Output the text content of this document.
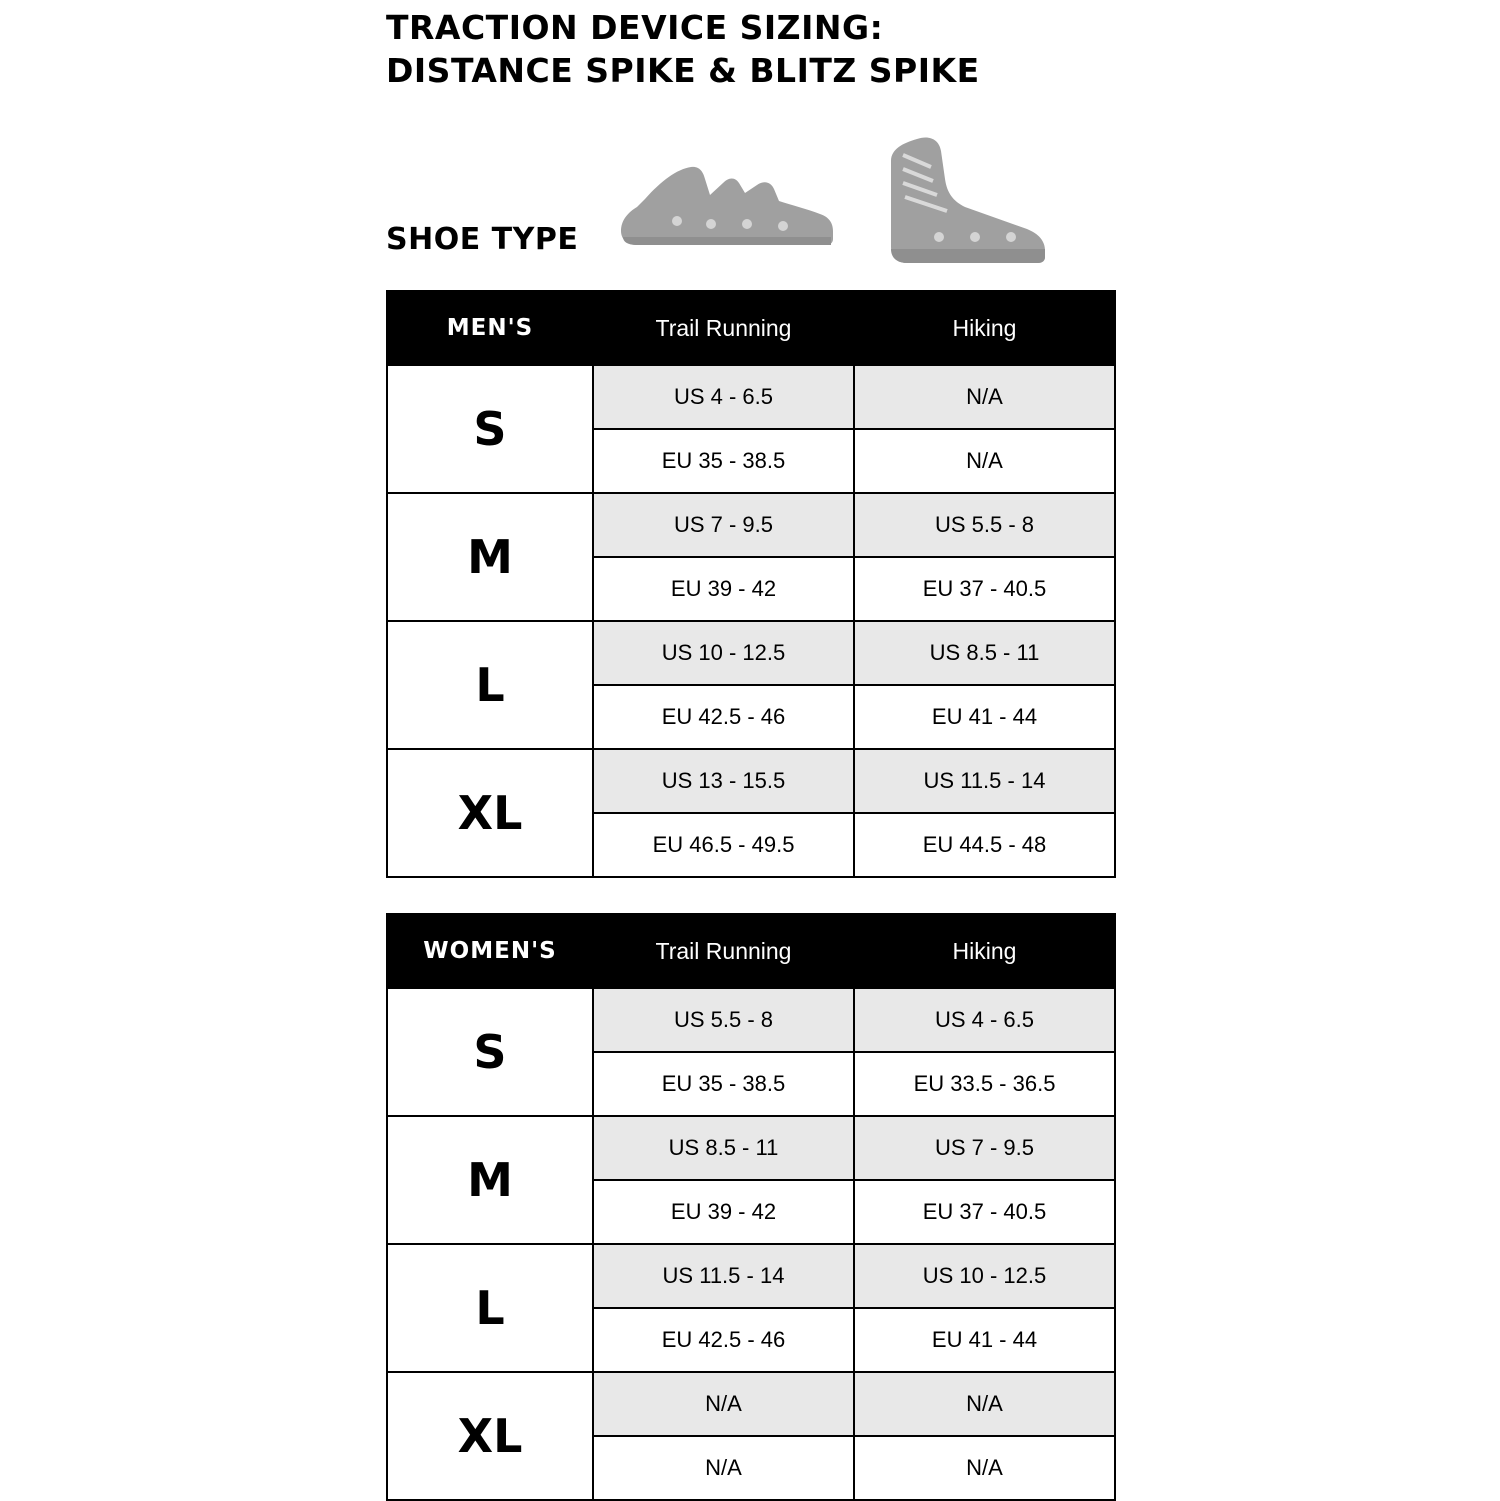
TRACTION DEVICE SIZING:
DISTANCE SPIKE & BLITZ SPIKE
SHOE TYPE
MEN'S	Trail Running	Hiking
S	US 4 - 6.5	N/A
	EU 35 - 38.5	N/A
M	US 7 - 9.5	US 5.5 - 8
	EU 39 - 42	EU 37 - 40.5
L	US 10 - 12.5	US 8.5 - 11
	EU 42.5 - 46	EU 41 - 44
XL	US 13 - 15.5	US 11.5 - 14
	EU 46.5 - 49.5	EU 44.5 - 48
WOMEN'S	Trail Running	Hiking
S	US 5.5 - 8	US 4 - 6.5
	EU 35 - 38.5	EU 33.5 - 36.5
M	US 8.5 - 11	US 7 - 9.5
	EU 39 - 42	EU 37 - 40.5
L	US 11.5 - 14	US 10 - 12.5
	EU 42.5 - 46	EU 41 - 44
XL	N/A	N/A
	N/A	N/A
